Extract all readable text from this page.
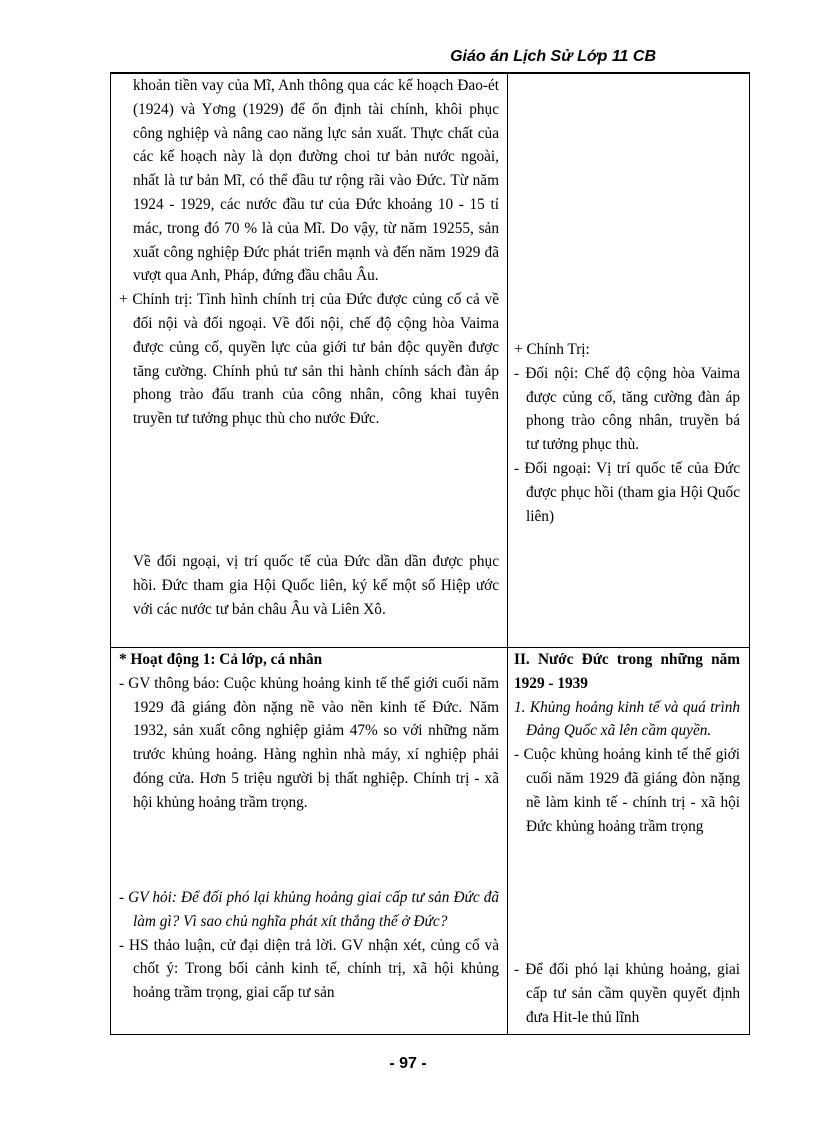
Giáo án Lịch Sử Lớp 11 CB

khoản tiền vay của Mĩ, Anh thông qua các kế hoạch Đao-ét (1924) và Yơng (1929) để ổn định tài chính, khôi phục công nghiệp và nâng cao năng lực sản xuất. Thực chất của các kế hoạch này là dọn đường choi tư bản nước ngoài, nhất là tư bản Mĩ, có thể đầu tư rộng rãi vào Đức. Từ năm 1924 - 1929, các nước đầu tư của Đức khoảng 10 - 15 tỉ mác, trong đó 70 % là của Mĩ. Do vậy, từ năm 19255, sản xuất công nghiệp Đức phát triển mạnh và đến năm 1929 đã vượt qua Anh, Pháp, đứng đầu châu Âu.

+ Chính trị: Tình hình chính trị của Đức được củng cố cả về đối nội và đối ngoại. Về đối nội, chế độ cộng hòa Vaima được củng cố, quyền lực của giới tư bản độc quyền được tăng cường. Chính phủ tư sản thi hành chính sách đàn áp phong trào đấu tranh của công nhân, công khai tuyên truyền tư tưởng phục thù cho nước Đức.

Về đối ngoại, vị trí quốc tế của Đức dần dần được phục hồi. Đức tham gia Hội Quốc liên, ký kế một số Hiệp ước với các nước tư bản châu Âu và Liên Xô.

* Hoạt động 1: Cả lớp, cá nhân

- GV thông báo: Cuộc khủng hoảng kinh tế thế giới cuối năm 1929 đã giáng đòn nặng nề vào nền kinh tế Đức. Năm 1932, sản xuất công nghiệp giảm 47% so với những năm trước khủng hoảng. Hàng nghìn nhà máy, xí nghiệp phải đóng cửa. Hơn 5 triệu người bị thất nghiệp. Chính trị - xã hội khủng hoảng trầm trọng.

- GV hỏi: Để đối phó lại khủng hoảng giai cấp tư sản Đức đã làm gì? Vì sao chủ nghĩa phát xít thắng thế ở Đức?

- HS thảo luận, cử đại diện trả lời. GV nhận xét, củng cố và chốt ý: Trong bối cảnh kinh tế, chính trị, xã hội khủng hoảng trầm trọng, giai cấp tư sản

+ Chính Trị:

- Đối nội: Chế độ cộng hòa Vaima được củng cố, tăng cường đàn áp phong trào công nhân, truyền bá tư tưởng phục thù.

- Đối ngoại: Vị trí quốc tế của Đức được phục hồi (tham gia Hội Quốc liên)

II. Nước Đức trong những năm 1929 - 1939

1. Khủng hoảng kinh tế và quá trình Đảng Quốc xã lên cầm quyền.

- Cuộc khủng hoảng kinh tế thế giới cuối năm 1929 đã giáng đòn nặng nề làm kinh tế - chính trị - xã hội Đức khủng hoảng trầm trọng

- Để đối phó lại khủng hoảng, giai cấp tư sản cầm quyền quyết định đưa Hit-le thủ lĩnh

- 97 -
